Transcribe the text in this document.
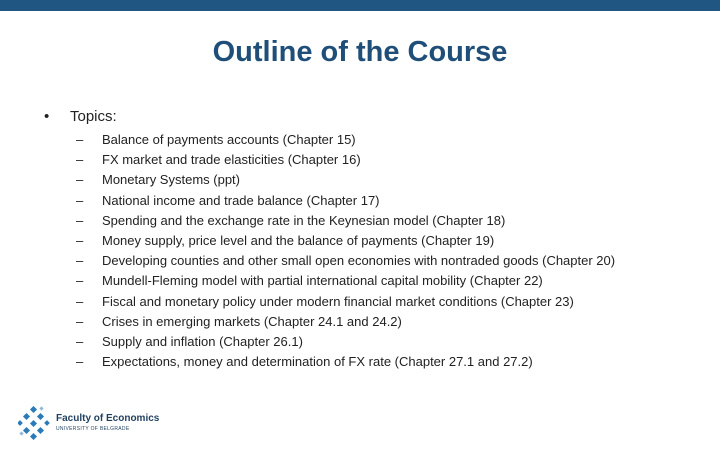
Outline of the Course
• Topics:
– Balance of payments accounts (Chapter 15)
– FX market and trade elasticities (Chapter 16)
– Monetary Systems (ppt)
– National income and trade balance (Chapter 17)
– Spending and the exchange rate in the Keynesian model (Chapter 18)
– Money supply, price level and the balance of payments (Chapter 19)
– Developing counties and other small open economies with nontraded goods (Chapter 20)
– Mundell-Fleming model with partial international capital mobility (Chapter 22)
– Fiscal and monetary policy under modern financial market conditions (Chapter 23)
– Crises in emerging markets (Chapter 24.1 and 24.2)
– Supply and inflation (Chapter 26.1)
– Expectations, money and determination of FX rate (Chapter 27.1 and 27.2)
Faculty of Economics
UNIVERSITY OF BELGRADE
